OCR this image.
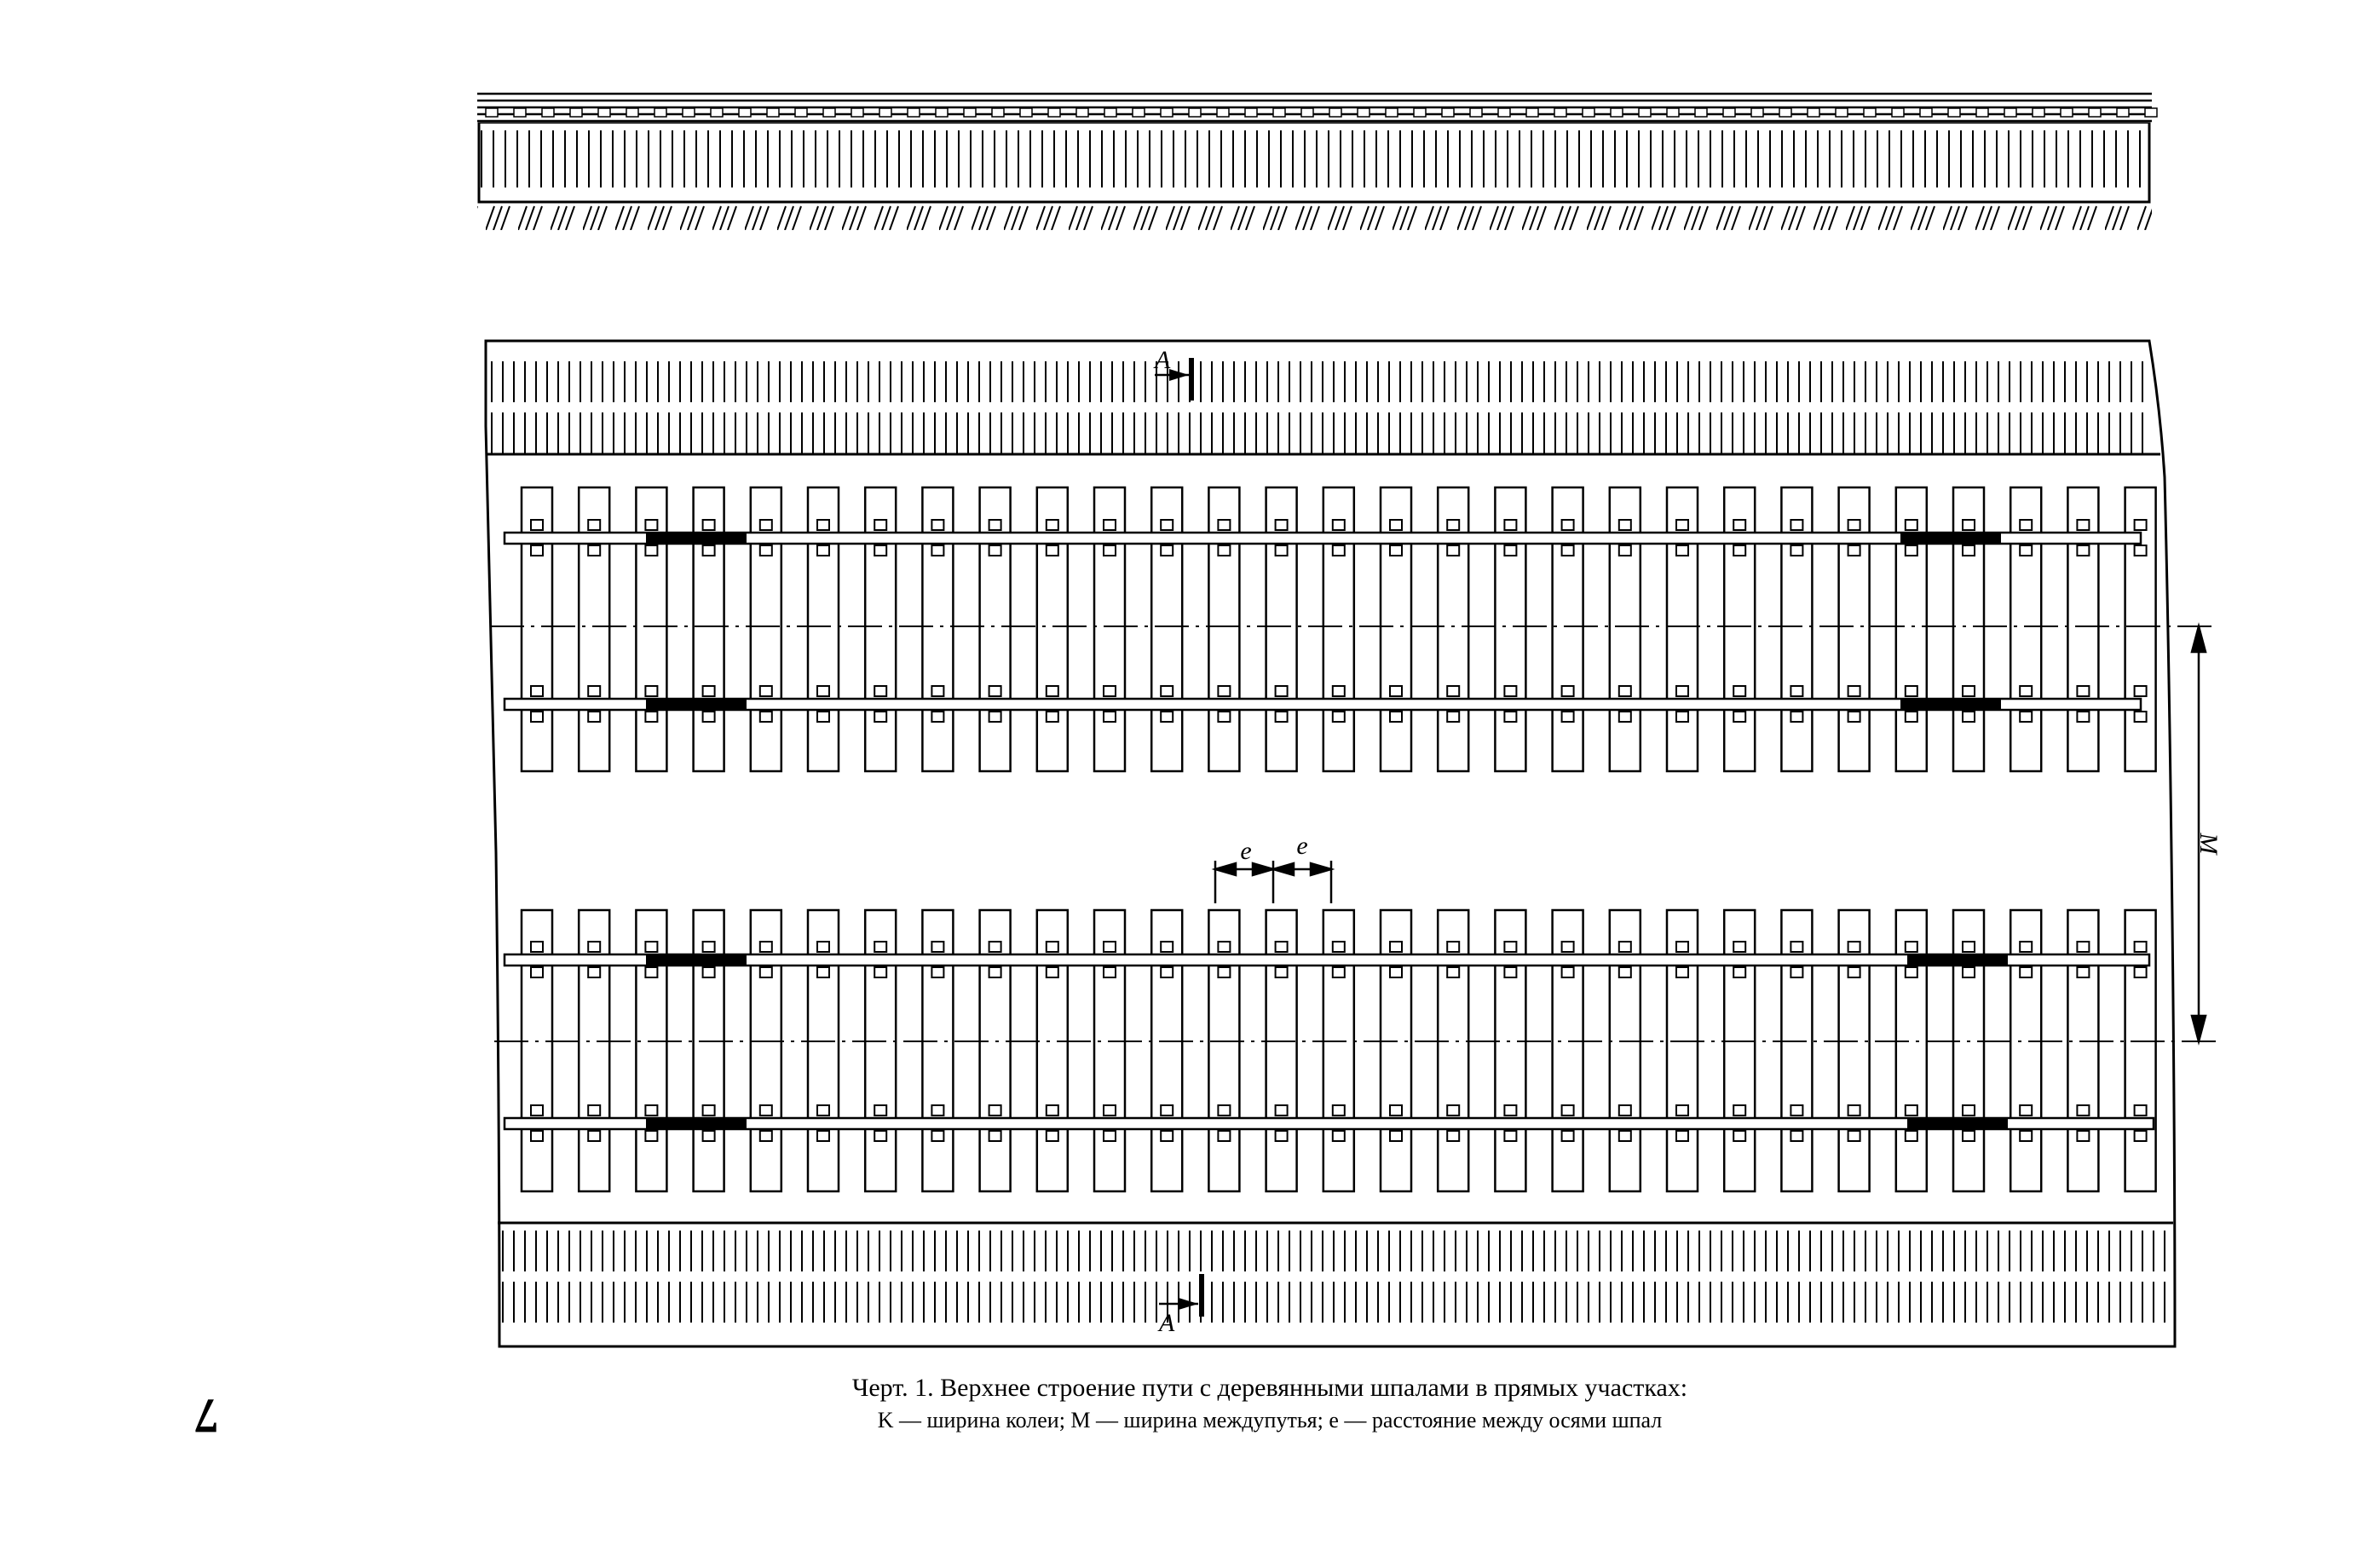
M
e e
A
A
Черт. 1. Верхнее строение пути с деревянными шпалами в прямых участках:
K — ширина колеи; M — ширина междупутья; e — расстояние между осями шпал
7
